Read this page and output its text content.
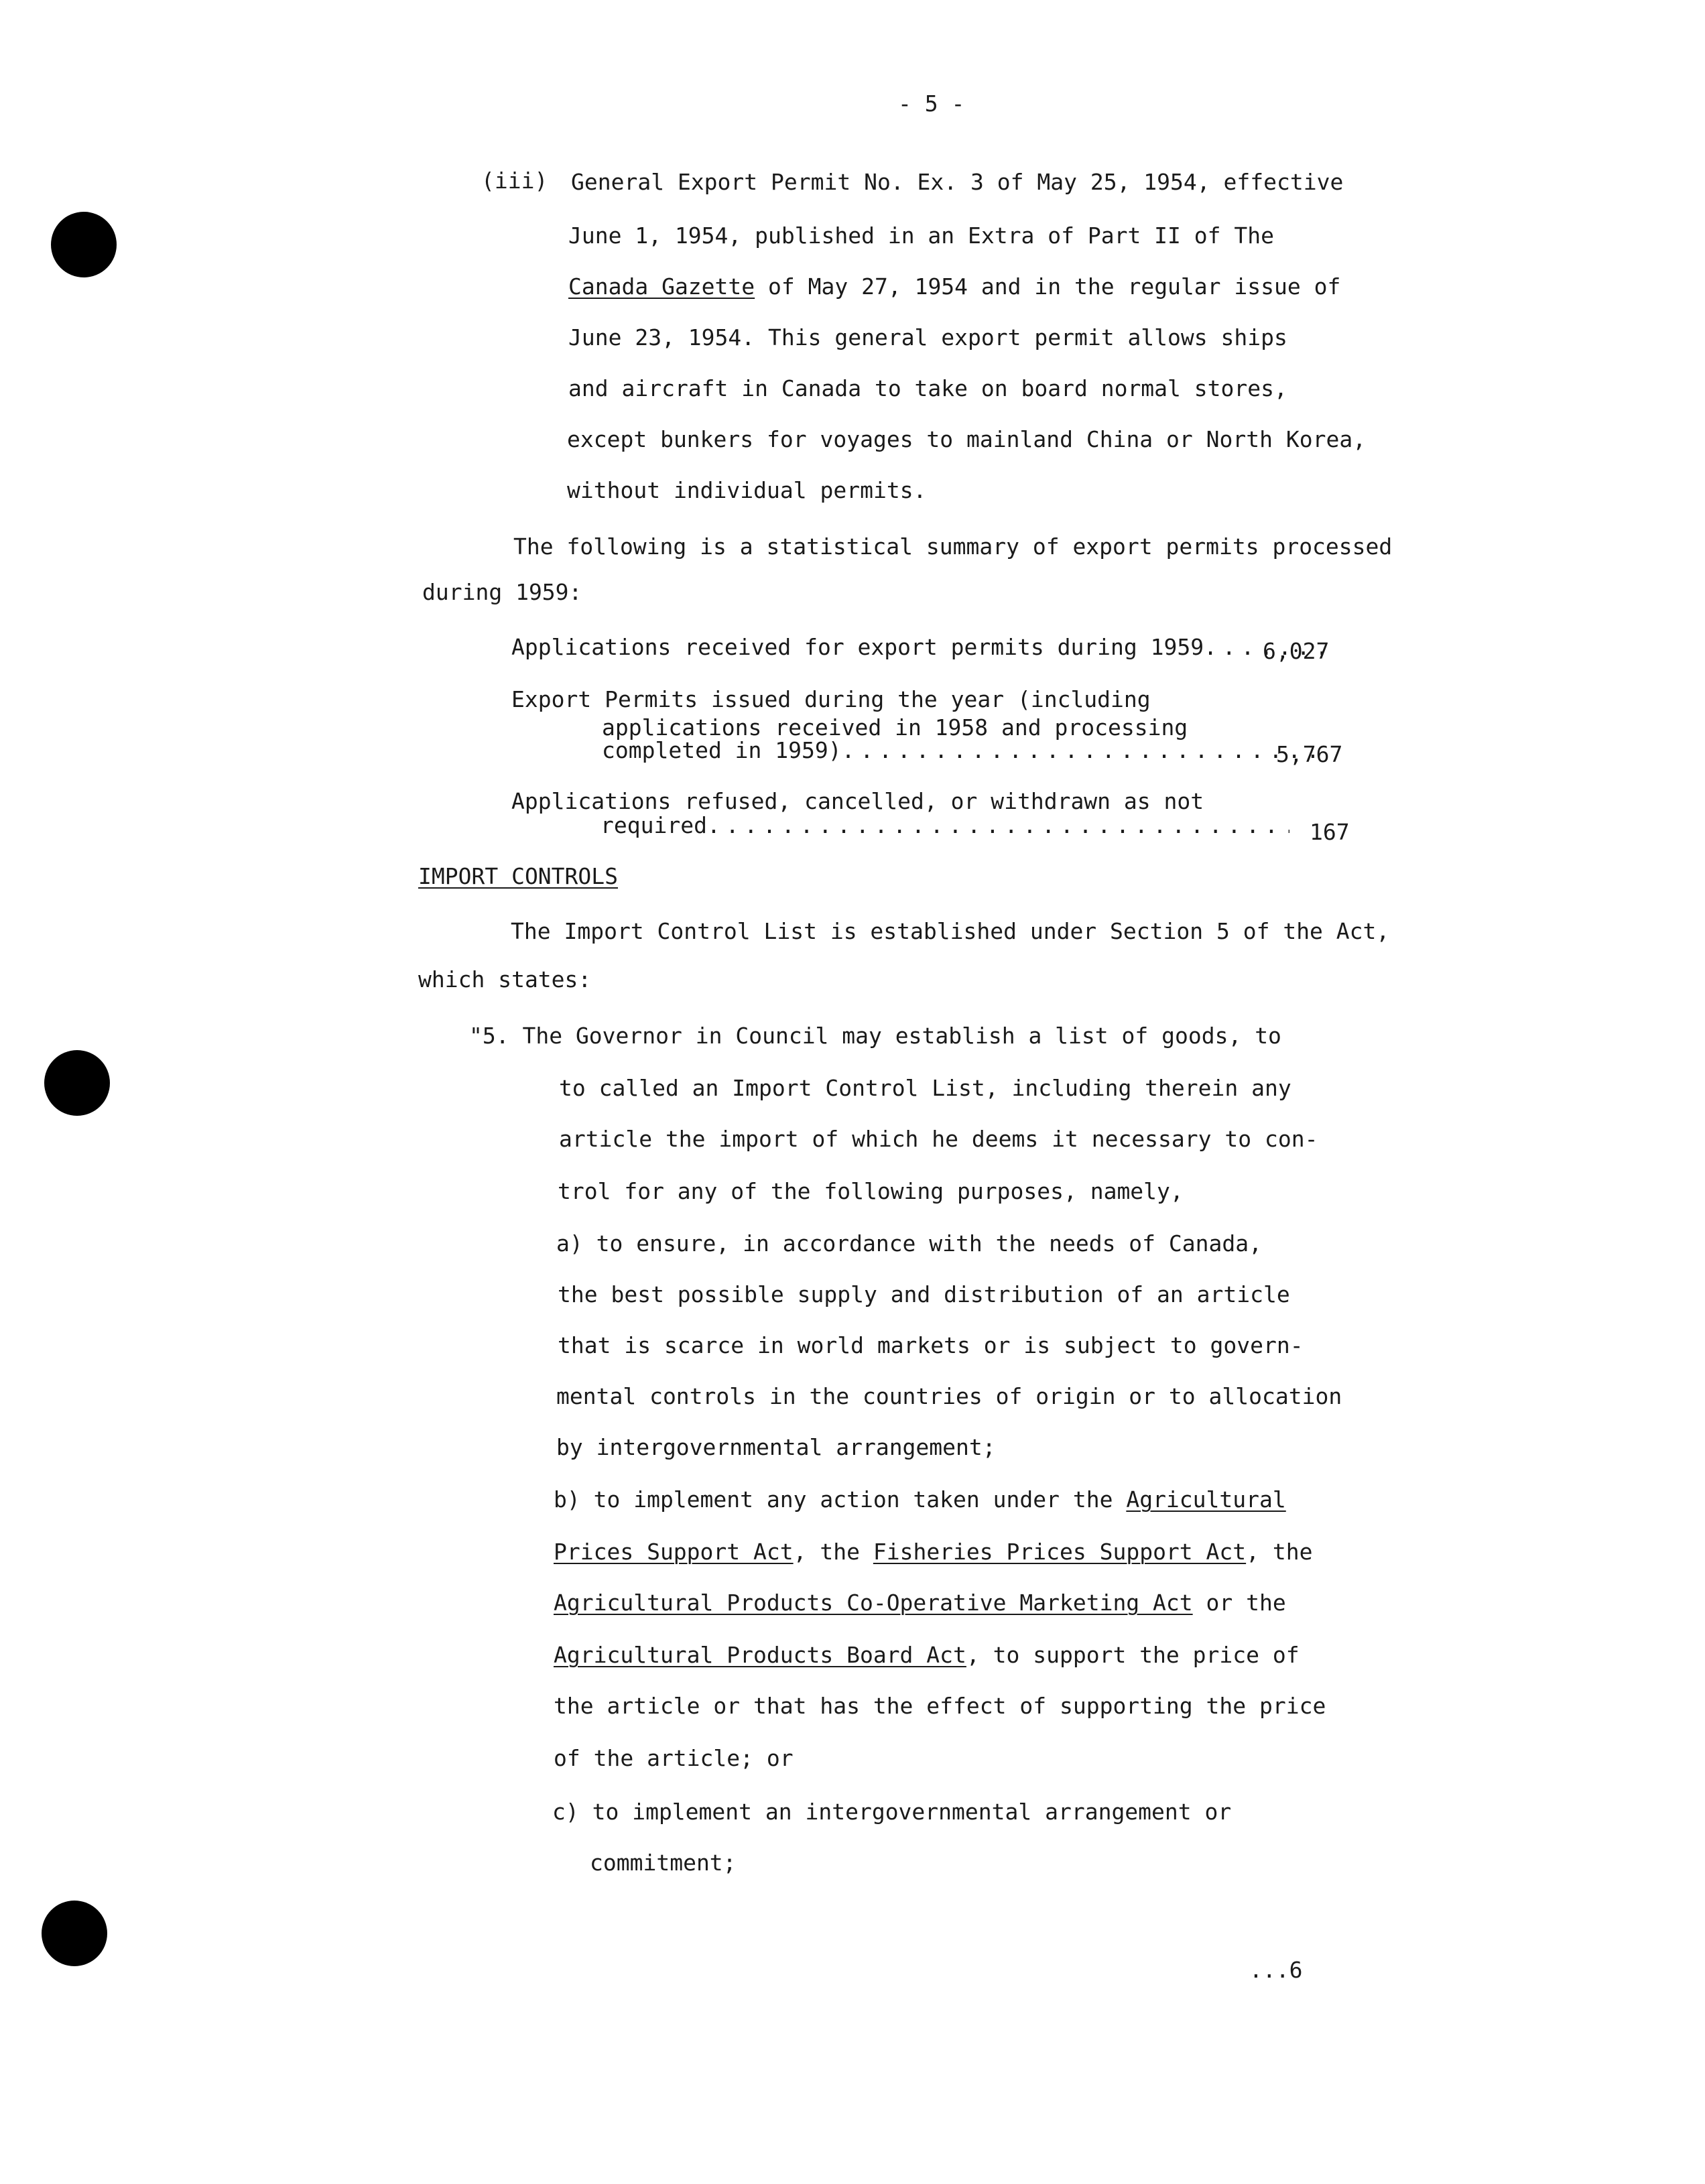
- 5 -
(iii) General Export Permit No. Ex. 3 of May 25, 1954, effective
June 1, 1954, published in an Extra of Part II of The
Canada Gazette of May 27, 1954 and in the regular issue of
June 23, 1954. This general export permit allows ships
and aircraft in Canada to take on board normal stores,
except bunkers for voyages to mainland China or North Korea,
without individual permits.
The following is a statistical summary of export permits processed
during 1959:
Applications received for export permits during 1959 . . .	6,027
Export Permits issued during the year (including
applications received in 1958 and processing
completed in 1959) . . .	5,767
Applications refused, cancelled, or withdrawn as not
required . . .	167
IMPORT CONTROLS
The Import Control List is established under Section 5 of the Act,
which states:
"5. The Governor in Council may establish a list of goods, to
to called an Import Control List, including therein any
article the import of which he deems it necessary to con-
trol for any of the following purposes, namely,
a) to ensure, in accordance with the needs of Canada,
the best possible supply and distribution of an article
that is scarce in world markets or is subject to govern-
mental controls in the countries of origin or to allocation
by intergovernmental arrangement;
b) to implement any action taken under the Agricultural
Prices Support Act, the Fisheries Prices Support Act, the
Agricultural Products Co-Operative Marketing Act or the
Agricultural Products Board Act, to support the price of
the article or that has the effect of supporting the price
of the article; or
c) to implement an intergovernmental arrangement or
commitment;
...6
